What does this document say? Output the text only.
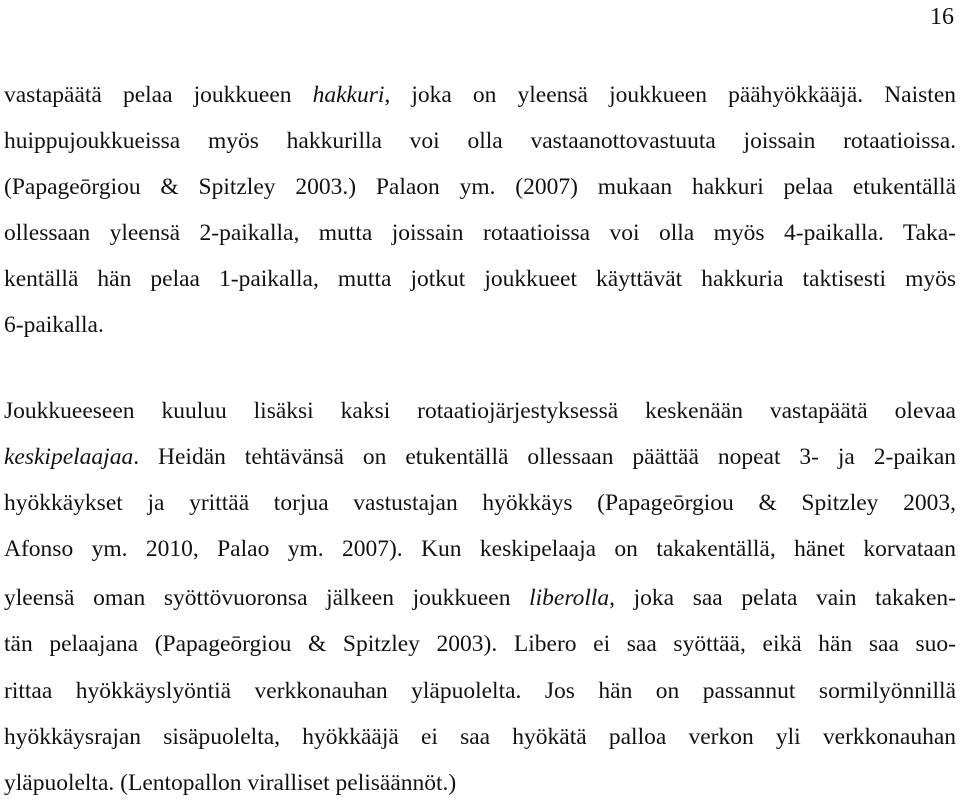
16
vastapäätä pelaa joukkueen hakkuri, joka on yleensä joukkueen päähyökkääjä. Naisten
huippujoukkueissa myös hakkurilla voi olla vastaanottovastuuta joissain rotaatioissa.
(Papageōrgiou & Spitzley 2003.) Palaon ym. (2007) mukaan hakkuri pelaa etukentällä
ollessaan yleensä 2-paikalla, mutta joissain rotaatioissa voi olla myös 4-paikalla. Taka-
kentällä hän pelaa 1-paikalla, mutta jotkut joukkueet käyttävät hakkuria taktisesti myös
6-paikalla.
Joukkueeseen kuuluu lisäksi kaksi rotaatiojärjestyksessä keskenään vastapäätä olevaa
keskipelaajaa. Heidän tehtävänsä on etukentällä ollessaan päättää nopeat 3- ja 2-paikan
hyökkäykset ja yrittää torjua vastustajan hyökkäys (Papageōrgiou & Spitzley 2003,
Afonso ym. 2010, Palao ym. 2007). Kun keskipelaaja on takakentällä, hänet korvataan
yleensä oman syöttövuoronsa jälkeen joukkueen liberolla, joka saa pelata vain takaken-
tän pelaajana (Papageōrgiou & Spitzley 2003). Libero ei saa syöttää, eikä hän saa suo-
rittaa hyökkäyslyöntiä verkkonauhan yläpuolelta. Jos hän on passannut sormilyönnillä
hyökkäysrajan sisäpuolelta, hyökkääjä ei saa hyökätä palloa verkon yli verkkonauhan
yläpuolelta. (Lentopallon viralliset pelisäännöt.)
